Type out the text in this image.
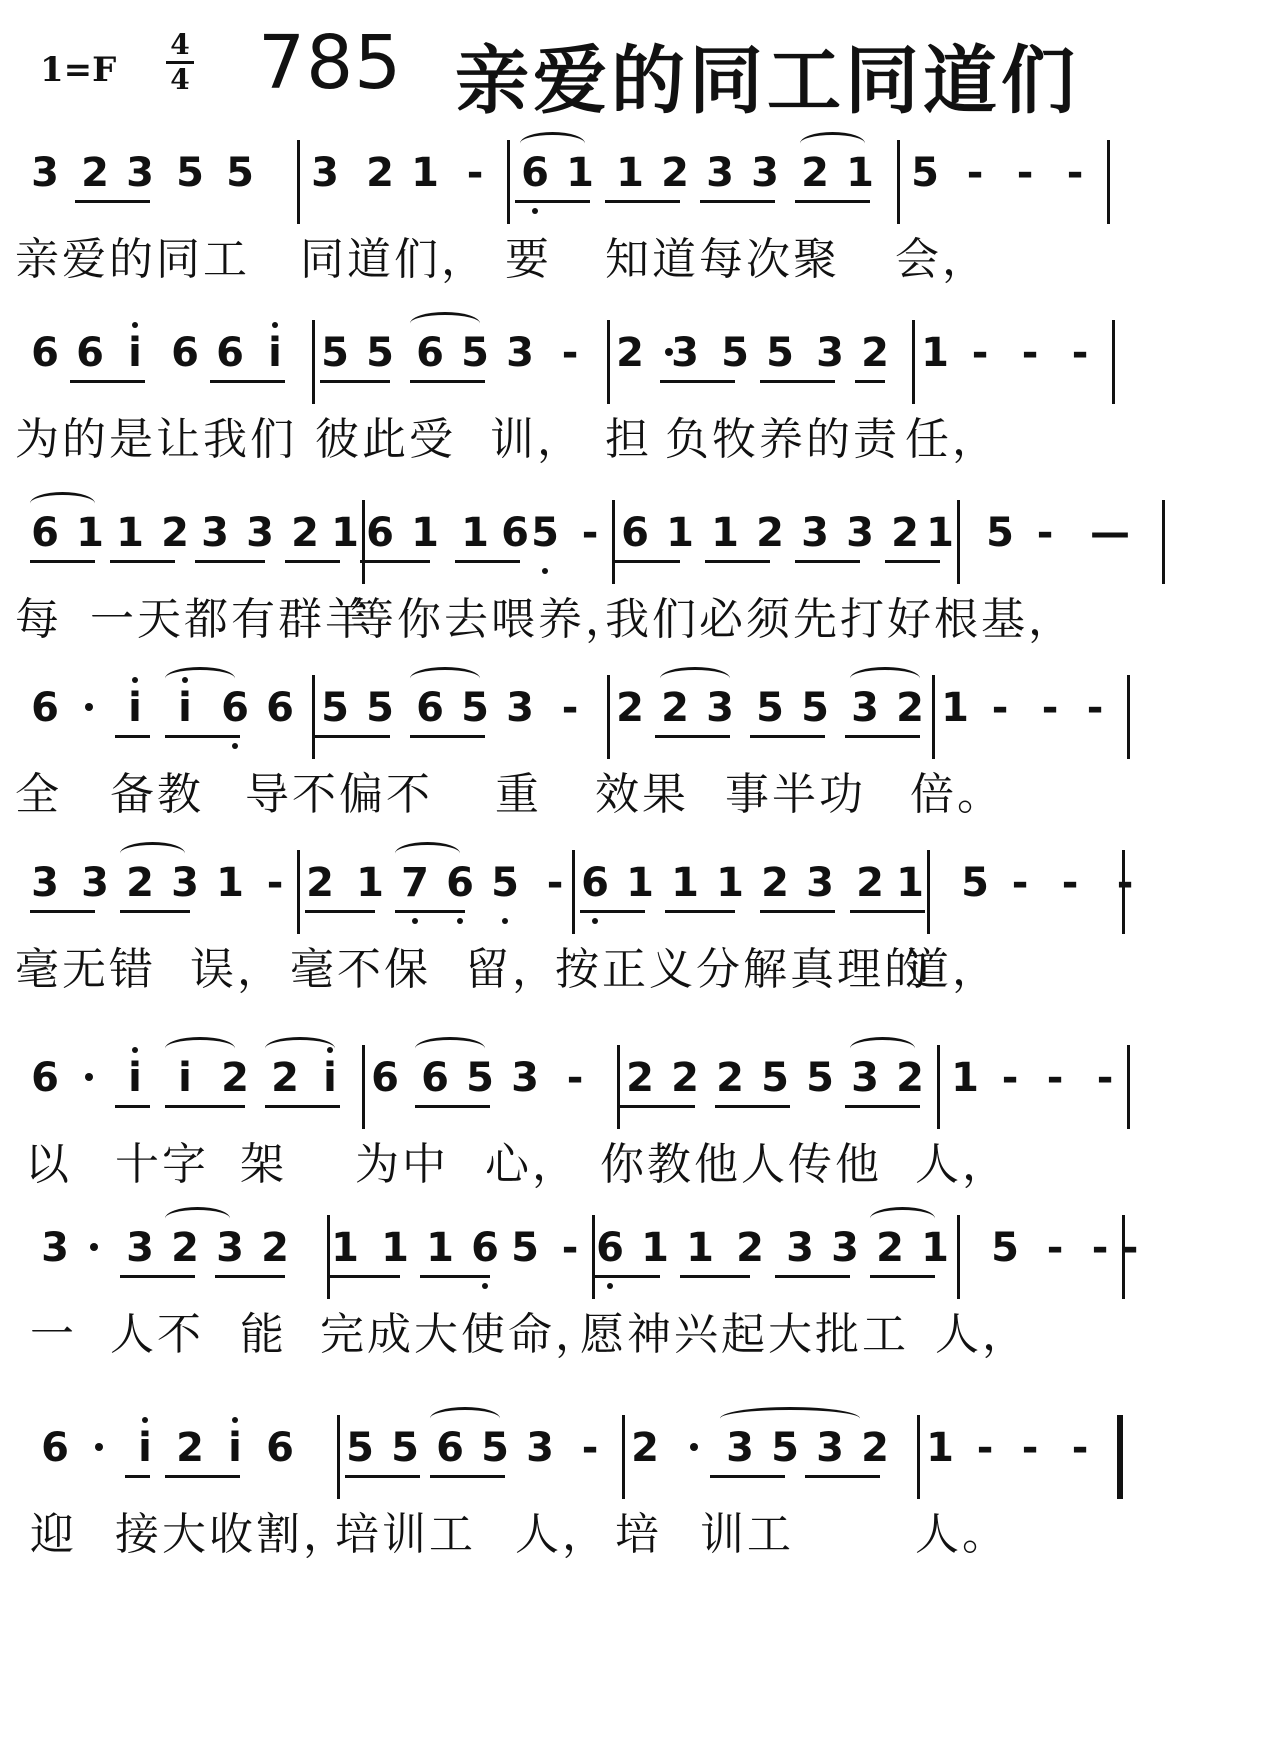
1=F
4
4 785 亲爱的同工同道们
3 2 3 5 5 3 2 1 - 6 1 1 2 3 3 2 1 5 - - -
亲爱的同工 同道们， 要 知道每次聚 会，
6 6 i 6 6 i 5 5 6 5 3 - 2 3 5 5 3 2 1 - - -
为的是让我们 彼此受 训， 担 负牧养的责 任，
6 1 1 2 3 3 2 1 6 1 1 6 5 - 6 1 1 2 3 3 2 1 5 - —
每 一天都有群羊
等你去喂养，
我们必须先打好根基，
6 i i 6 6 5 5 6 5 3 - 2 2 3 5 5 3 2 1 - - -
全 备教 导不偏不 重 效果 事半功 倍。
3 3 2 3 1 - 2 1 7 6 5 - 6 1 1 1 2 3 2 1 5 - - -
毫无错 误， 毫不保 留，
按正义分解真理的
道，
6 i i 2 2 i 6 6 5 3 - 2 2 2 5 5 3 2 1 - - -
以 十字 架 为中 心， 你教他人传他 人，
3 3 2 3 2 1 1 1 6 5 - 6 1 1 2 3 3 2 1 5 - - -
一 人不 能 完成大使命，
愿神兴起大批工 人，
6 i 2 i 6 5 5 6 5 3 - 2 3 5 3 2 1 - - -
迎 接大收割，
培训工 人， 培 训工	人。
